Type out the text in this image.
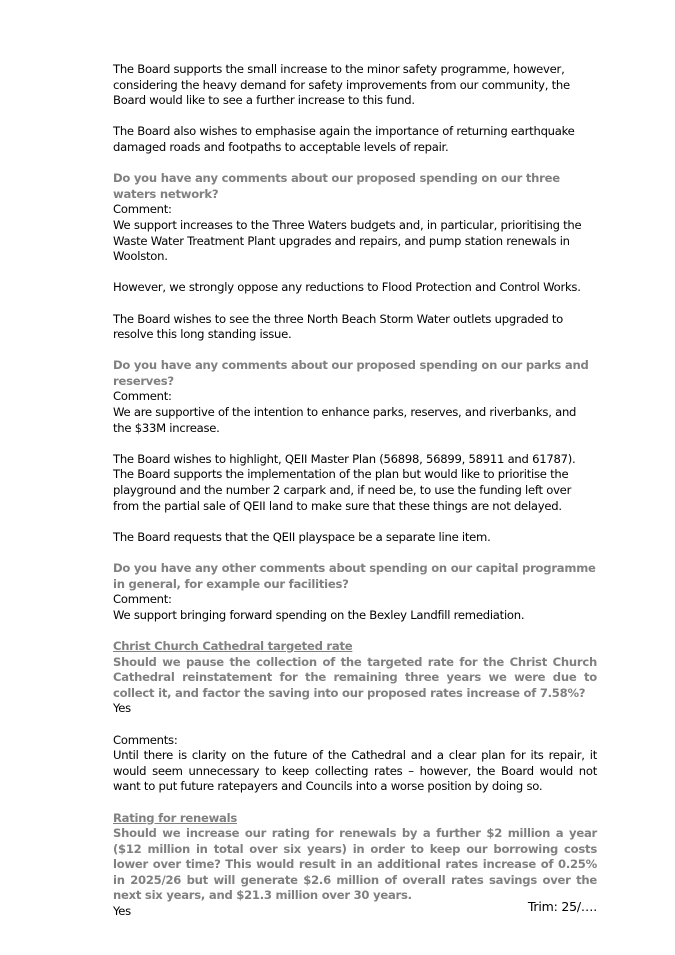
The Board supports the small increase to the minor safety programme, however, considering the heavy demand for safety improvements from our community, the Board would like to see a further increase to this fund.

The Board also wishes to emphasise again the importance of returning earthquake damaged roads and footpaths to acceptable levels of repair.

Do you have any comments about our proposed spending on our three waters network?

Comment:

We support increases to the Three Waters budgets and, in particular, prioritising the Waste Water Treatment Plant upgrades and repairs, and pump station renewals in Woolston.

However, we strongly oppose any reductions to Flood Protection and Control Works.

The Board wishes to see the three North Beach Storm Water outlets upgraded to resolve this long standing issue.

Do you have any comments about our proposed spending on our parks and reserves?

Comment:

We are supportive of the intention to enhance parks, reserves, and riverbanks, and the $33M increase.

The Board wishes to highlight, QEII Master Plan (56898, 56899, 58911 and 61787). The Board supports the implementation of the plan but would like to prioritise the playground and the number 2 carpark and, if need be, to use the funding left over from the partial sale of QEII land to make sure that these things are not delayed.

The Board requests that the QEII playspace be a separate line item.

Do you have any other comments about spending on our capital programme in general, for example our facilities?

Comment:

We support bringing forward spending on the Bexley Landfill remediation.

Christ Church Cathedral targeted rate

Should we pause the collection of the targeted rate for the Christ Church Cathedral reinstatement for the remaining three years we were due to collect it, and factor the saving into our proposed rates increase of 7.58%?

Yes

Comments:

Until there is clarity on the future of the Cathedral and a clear plan for its repair, it would seem unnecessary to keep collecting rates – however, the Board would not want to put future ratepayers and Councils into a worse position by doing so.

Rating for renewals

Should we increase our rating for renewals by a further $2 million a year ($12 million in total over six years) in order to keep our borrowing costs lower over time? This would result in an additional rates increase of 0.25% in 2025/26 but will generate $2.6 million of overall rates savings over the next six years, and $21.3 million over 30 years.

Yes	Trim: 25/….
